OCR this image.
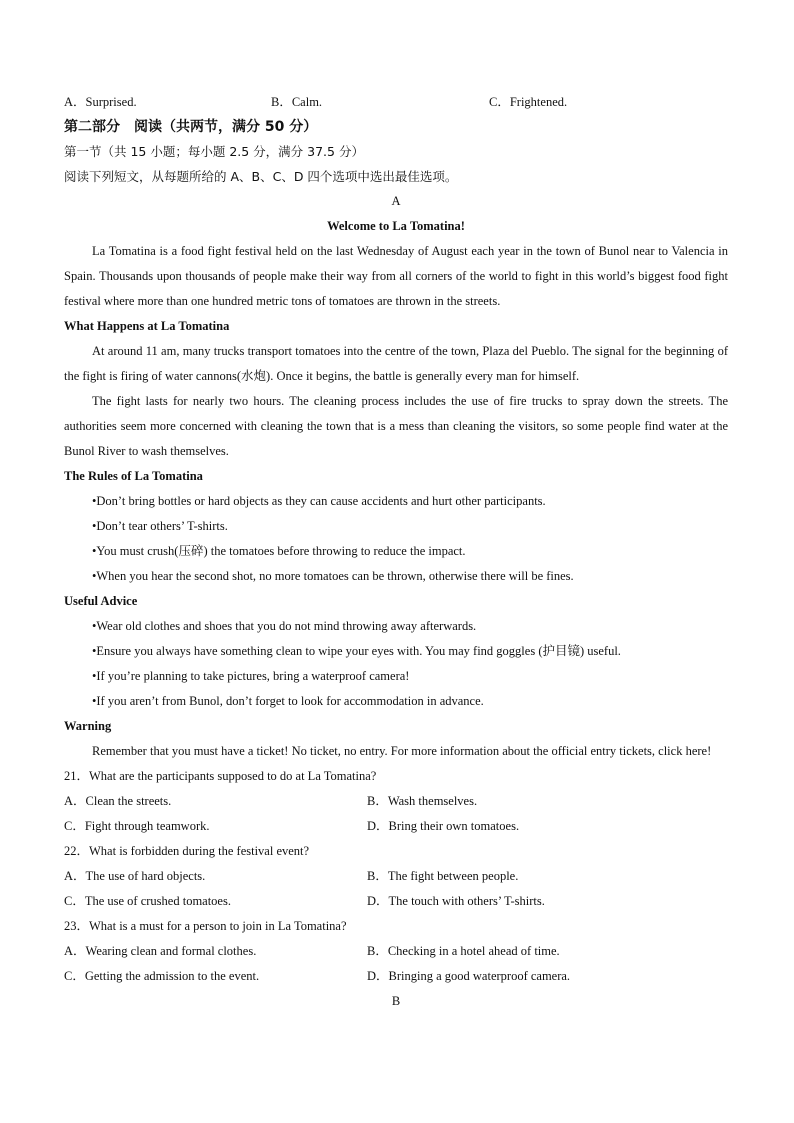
A．Surprised.	B．Calm.	C．Frightened.
第二部分　阅读（共两节，满分 50 分）
第一节（共 15 小题；每小题 2.5 分，满分 37.5 分）
阅读下列短文，从每题所给的 A、B、C、D 四个选项中选出最佳选项。
A
Welcome to La Tomatina!

La Tomatina is a food fight festival held on the last Wednesday of August each year in the town of Bunol near to Valencia in Spain. Thousands upon thousands of people make their way from all corners of the world to fight in this world’s biggest food fight festival where more than one hundred metric tons of tomatoes are thrown in the streets.

What Happens at La Tomatina

At around 11 am, many trucks transport tomatoes into the centre of the town, Plaza del Pueblo. The signal for the beginning of the fight is firing of water cannons(水炮). Once it begins, the battle is generally every man for himself.

The fight lasts for nearly two hours. The cleaning process includes the use of fire trucks to spray down the streets. The authorities seem more concerned with cleaning the town that is a mess than cleaning the visitors, so some people find water at the Bunol River to wash themselves.

The Rules of La Tomatina
•Don’t bring bottles or hard objects as they can cause accidents and hurt other participants.
•Don’t tear others’ T-shirts.
•You must crush(压碎) the tomatoes before throwing to reduce the impact.
•When you hear the second shot, no more tomatoes can be thrown, otherwise there will be fines.
Useful Advice
•Wear old clothes and shoes that you do not mind throwing away afterwards.
•Ensure you always have something clean to wipe your eyes with. You may find goggles (护目镜) useful.
•If you’re planning to take pictures, bring a waterproof camera!
•If you aren’t from Bunol, don’t forget to look for accommodation in advance.
Warning

Remember that you must have a ticket! No ticket, no entry. For more information about the official entry tickets, click here!

21．What are the participants supposed to do at La Tomatina?
A．Clean the streets.	B．Wash themselves.
C．Fight through teamwork.	D．Bring their own tomatoes.
22．What is forbidden during the festival event?
A．The use of hard objects.	B．The fight between people.
C．The use of crushed tomatoes.	D．The touch with others’ T-shirts.
23．What is a must for a person to join in La Tomatina?
A．Wearing clean and formal clothes.	B．Checking in a hotel ahead of time.
C．Getting the admission to the event.	D．Bringing a good waterproof camera.
B
